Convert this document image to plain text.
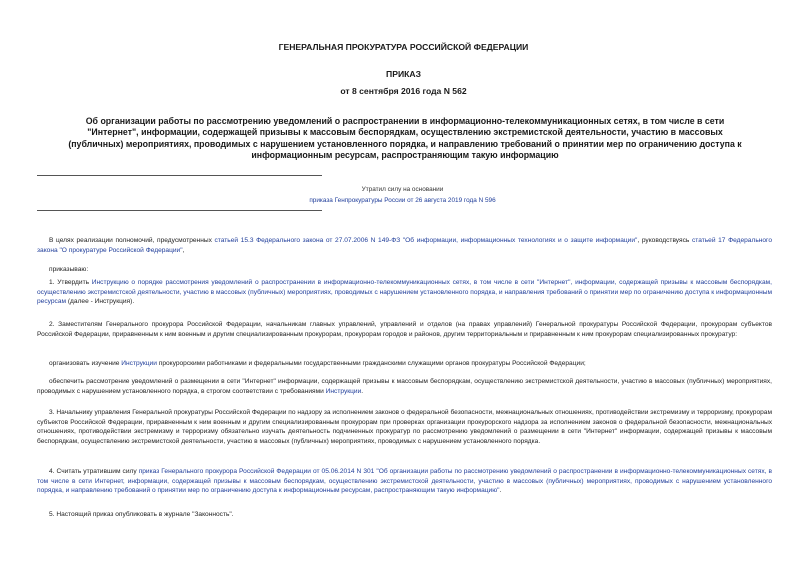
ГЕНЕРАЛЬНАЯ ПРОКУРАТУРА РОССИЙСКОЙ ФЕДЕРАЦИИ
ПРИКАЗ
от 8 сентября 2016 года N 562
Об организации работы по рассмотрению уведомлений о распространении в информационно-телекоммуникационных сетях, в том числе в сети "Интернет", информации, содержащей призывы к массовым беспорядкам, осуществлению экстремистской деятельности, участию в массовых (публичных) мероприятиях, проводимых с нарушением установленного порядка, и направлению требований о принятии мер по ограничению доступа к информационным ресурсам, распространяющим такую информацию
Утратил силу на основании
приказа Генпрокуратуры России от 26 августа 2019 года N 596
В целях реализации полномочий, предусмотренных статьей 15.3 Федерального закона от 27.07.2006 N 149-ФЗ "Об информации, информационных технологиях и о защите информации", руководствуясь статьей 17 Федерального закона "О прокуратуре Российской Федерации",
приказываю:
1. Утвердить Инструкцию о порядке рассмотрения уведомлений о распространении в информационно-телекоммуникационных сетях, в том числе в сети "Интернет", информации, содержащей призывы к массовым беспорядкам, осуществлению экстремистской деятельности, участию в массовых (публичных) мероприятиях, проводимых с нарушением установленного порядка, и направления требований о принятии мер по ограничению доступа к информационным ресурсам (далее - Инструкция).
2. Заместителям Генерального прокурора Российской Федерации, начальникам главных управлений, управлений и отделов (на правах управлений) Генеральной прокуратуры Российской Федерации, прокурорам субъектов Российской Федерации, приравненным к ним военным и другим специализированным прокурорам, прокурорам городов и районов, другим территориальным и приравненным к ним прокурорам специализированных прокуратур:
организовать изучение Инструкции прокурорскими работниками и федеральными государственными гражданскими служащими органов прокуратуры Российской Федерации;
обеспечить рассмотрение уведомлений о размещении в сети "Интернет" информации, содержащей призывы к массовым беспорядкам, осуществлению экстремистской деятельности, участию в массовых (публичных) мероприятиях, проводимых с нарушением установленного порядка, в строгом соответствии с требованиями Инструкции.
3. Начальнику управления Генеральной прокуратуры Российской Федерации по надзору за исполнением законов о федеральной безопасности, межнациональных отношениях, противодействии экстремизму и терроризму, прокурорам субъектов Российской Федерации, приравненным к ним военным и другим специализированным прокурорам при проверках организации прокурорского надзора за исполнением законов о федеральной безопасности, межнациональных отношениях, противодействии экстремизму и терроризму обязательно изучать деятельность подчиненных прокуратур по рассмотрению уведомлений о размещении в сети "Интернет" информации, содержащей призывы к массовым беспорядкам, осуществлению экстремистской деятельности, участию в массовых (публичных) мероприятиях, проводимых с нарушением установленного порядка.
4. Считать утратившим силу приказ Генерального прокурора Российской Федерации от 05.06.2014 N 301 "Об организации работы по рассмотрению уведомлений о распространении в информационно-телекоммуникационных сетях, в том числе в сети Интернет, информации, содержащей призывы к массовым беспорядкам, осуществлению экстремистской деятельности, участию в массовых (публичных) мероприятиях, проводимых с нарушением установленного порядка, и направлению требований о принятии мер по ограничению доступа к информационным ресурсам, распространяющим такую информацию".
5. Настоящий приказ опубликовать в журнале "Законность".
